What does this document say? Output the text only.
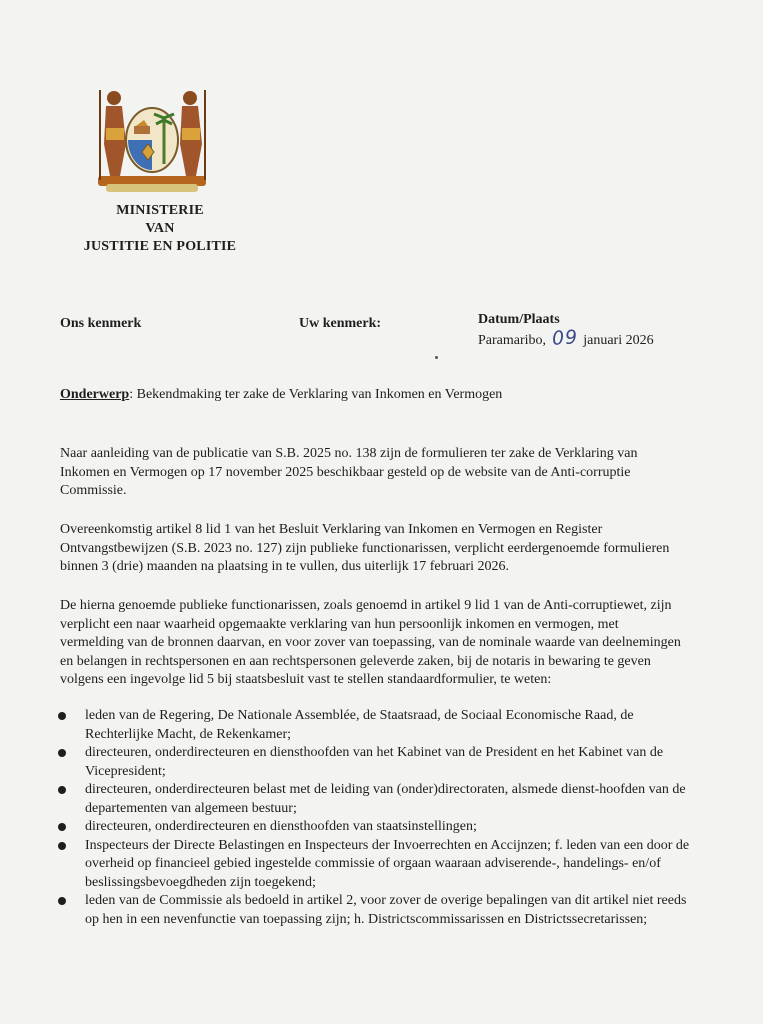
MINISTERIE
VAN
JUSTITIE EN POLITIE
Ons kenmerk	Uw kenmerk:	Datum/Plaats
Paramaribo, 09 januari 2026
Onderwerp: Bekendmaking ter zake de Verklaring van Inkomen en Vermogen
Naar aanleiding van de publicatie van S.B. 2025 no. 138 zijn de formulieren ter zake de Verklaring van Inkomen en Vermogen op 17 november 2025 beschikbaar gesteld op de website van de Anti-corruptie Commissie.
Overeenkomstig artikel 8 lid 1 van het Besluit Verklaring van Inkomen en Vermogen en Register Ontvangstbewijzen (S.B. 2023 no. 127) zijn publieke functionarissen, verplicht eerdergenoemde formulieren binnen 3 (drie) maanden na plaatsing in te vullen, dus uiterlijk 17 februari 2026.
De hierna genoemde publieke functionarissen, zoals genoemd in artikel 9 lid 1 van de Anti-corruptiewet, zijn verplicht een naar waarheid opgemaakte verklaring van hun persoonlijk inkomen en vermogen, met vermelding van de bronnen daarvan, en voor zover van toepassing, van de nominale waarde van deelnemingen en belangen in rechtspersonen en aan rechtspersonen geleverde zaken, bij de notaris in bewaring te geven volgens een ingevolge lid 5 bij staatsbesluit vast te stellen standaardformulier, te weten:
leden van de Regering, De Nationale Assemblée, de Staatsraad, de Sociaal Economische Raad, de Rechterlijke Macht, de Rekenkamer;
directeuren, onderdirecteuren en diensthoofden van het Kabinet van de President en het Kabinet van de Vicepresident;
directeuren, onderdirecteuren belast met de leiding van (onder)directoraten, alsmede dienst-hoofden van de departementen van algemeen bestuur;
directeuren, onderdirecteuren en diensthoofden van staatsinstellingen;
Inspecteurs der Directe Belastingen en Inspecteurs der Invoerrechten en Accijnzen; f. leden van een door de overheid op financieel gebied ingestelde commissie of orgaan waaraan adviserende-, handelings- en/of beslissingsbevoegdheden zijn toegekend;
leden van de Commissie als bedoeld in artikel 2, voor zover de overige bepalingen van dit artikel niet reeds op hen in een nevenfunctie van toepassing zijn; h. Districtscommissarissen en Districtssecretarissen;
